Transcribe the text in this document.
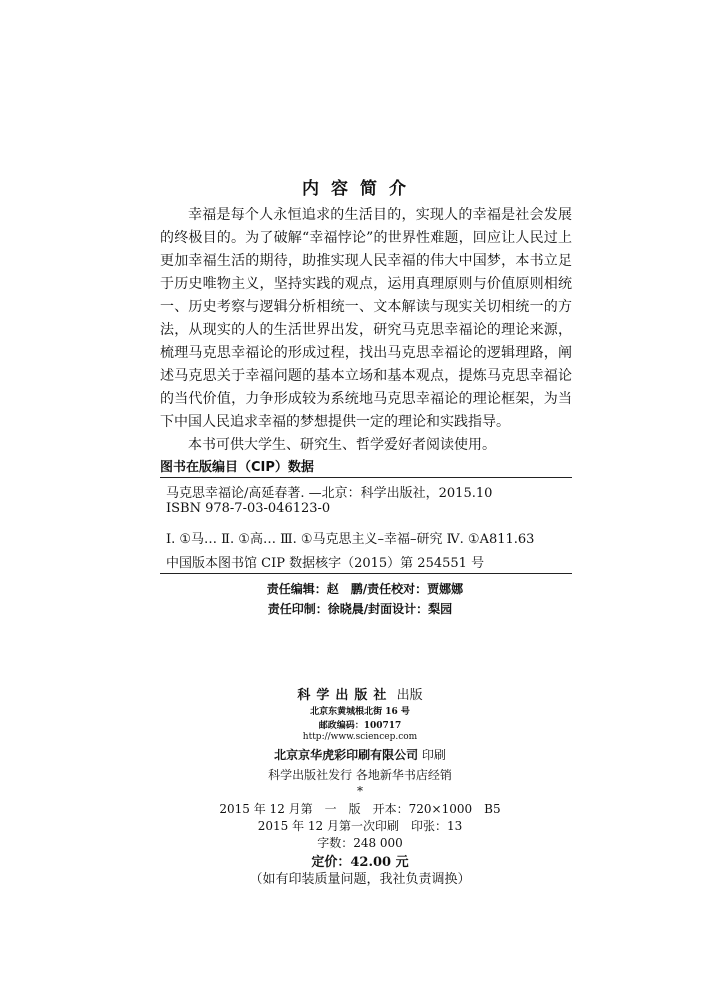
内容简介

幸福是每个人永恒追求的生活目的，实现人的幸福是社会发展的终极目的。为了破解“幸福悖论”的世界性难题，回应让人民过上更加幸福生活的期待，助推实现人民幸福的伟大中国梦，本书立足于历史唯物主义，坚持实践的观点，运用真理原则与价值原则相统一、历史考察与逻辑分析相统一、文本解读与现实关切相统一的方法，从现实的人的生活世界出发，研究马克思幸福论的理论来源，梳理马克思幸福论的形成过程，找出马克思幸福论的逻辑理路，阐述马克思关于幸福问题的基本立场和基本观点，提炼马克思幸福论的当代价值，力争形成较为系统地马克思幸福论的理论框架，为当下中国人民追求幸福的梦想提供一定的理论和实践指导。

本书可供大学生、研究生、哲学爱好者阅读使用。

图书在版编目（CIP）数据
马克思幸福论/高延春著. —北京：科学出版社，2015.10
ISBN 978-7-03-046123-0
Ⅰ. ①马… Ⅱ. ①高… Ⅲ. ①马克思主义–幸福–研究 Ⅳ. ①A811.63
中国版本图书馆 CIP 数据核字（2015）第 254551 号
责任编辑：赵　鹏/责任校对：贾娜娜
责任印制：徐晓晨/封面设计：梨园
科学出版社 出版
北京东黄城根北街 16 号
邮政编码：100717
http://www.sciencep.com
北京京华虎彩印刷有限公司 印刷
科学出版社发行 各地新华书店经销
*
2015 年 12 月第　一　版　开本：720×1000　B5
2015 年 12 月第一次印刷　印张：13
字数：248 000
定价：42.00 元
（如有印装质量问题，我社负责调换）
